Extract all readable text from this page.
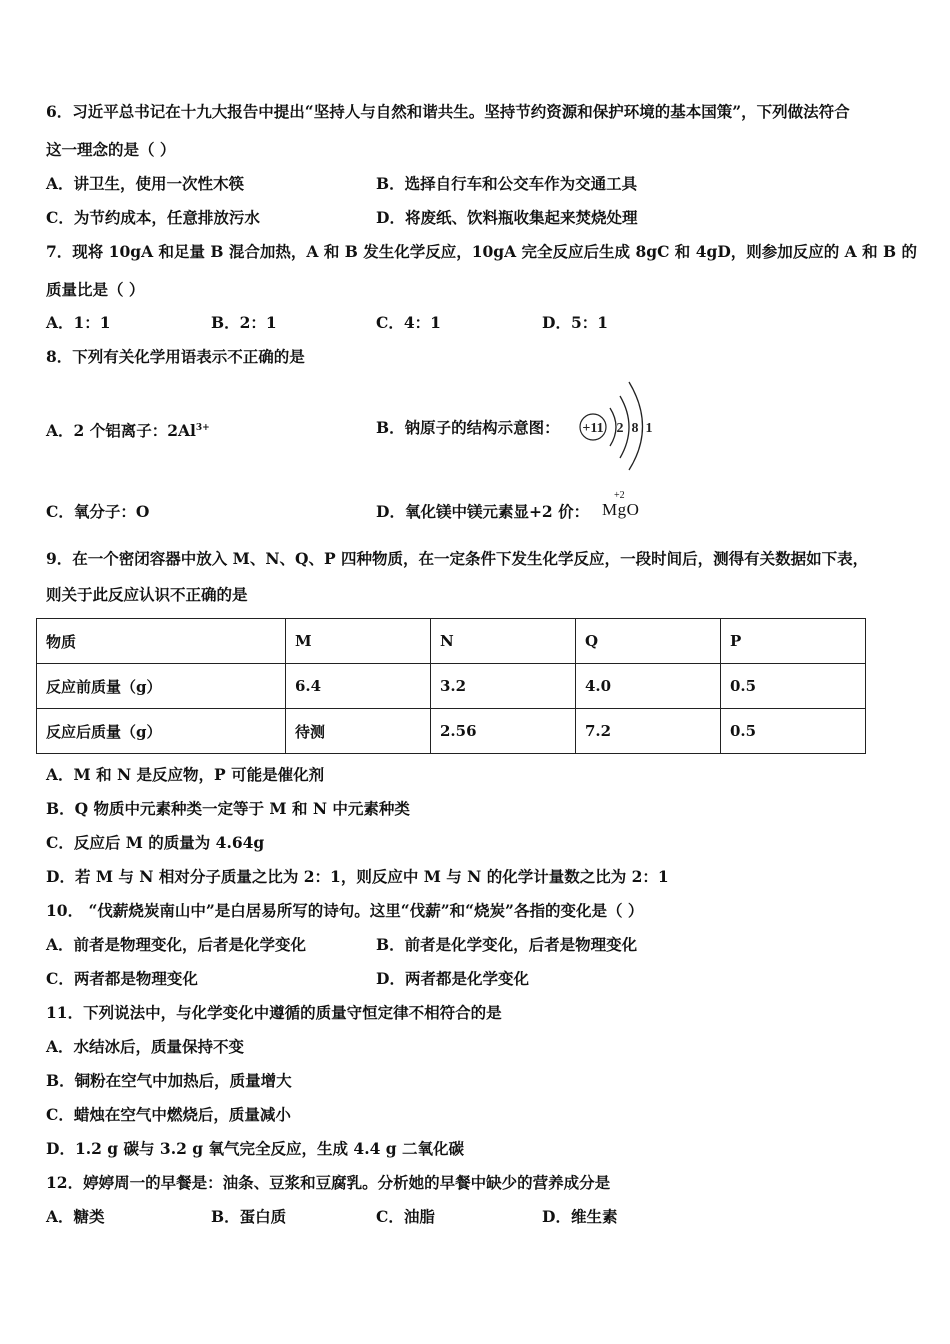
6．习近平总书记在十九大报告中提出“坚持人与自然和谐共生。坚持节约资源和保护环境的基本国策”，下列做法符合
这一理念的是（ ）
A．讲卫生，使用一次性木筷	B．选择自行车和公交车作为交通工具
C．为节约成本，任意排放污水	D．将废纸、饮料瓶收集起来焚烧处理
7．现将 10gA 和足量 B 混合加热，A 和 B 发生化学反应，10gA 完全反应后生成 8gC 和 4gD，则参加反应的 A 和 B 的
质量比是（ ）
A．1：1	B．2：1	C．4：1	D．5：1
8．下列有关化学用语表示不正确的是
A．2 个铝离子：$2Al^{3+}$	B．钠原子的结构示意图： +11 2 8 1
C．氧分子：O	D．氧化镁中镁元素显+2 价：
+2
MgO
9．在一个密闭容器中放入 M、N、Q、P 四种物质，在一定条件下发生化学反应，一段时间后，测得有关数据如下表，
则关于此反应认识不正确的是
物质	M	N	Q	P
反应前质量（g）	6.4	3.2	4.0	0.5
反应后质量（g）	待测	2.56	7.2	0.5
A．M 和 N 是反应物，P 可能是催化剂
B．Q 物质中元素种类一定等于 M 和 N 中元素种类
C．反应后 M 的质量为 4.64g
D．若 M 与 N 相对分子质量之比为 2：1，则反应中 M 与 N 的化学计量数之比为 2：1
10． “伐薪烧炭南山中”是白居易所写的诗句。这里“伐薪”和“烧炭”各指的变化是（ ）
A．前者是物理变化，后者是化学变化	B．前者是化学变化，后者是物理变化
C．两者都是物理变化	D．两者都是化学变化
11．下列说法中，与化学变化中遵循的质量守恒定律不相符合的是
A．水结冰后，质量保持不变
B．铜粉在空气中加热后，质量增大
C．蜡烛在空气中燃烧后，质量减小
D．1.2 g 碳与 3.2 g 氧气完全反应，生成 4.4 g 二氧化碳
12．婷婷周一的早餐是：油条、豆浆和豆腐乳。分析她的早餐中缺少的营养成分是
A．糖类	B．蛋白质	C．油脂	D．维生素
